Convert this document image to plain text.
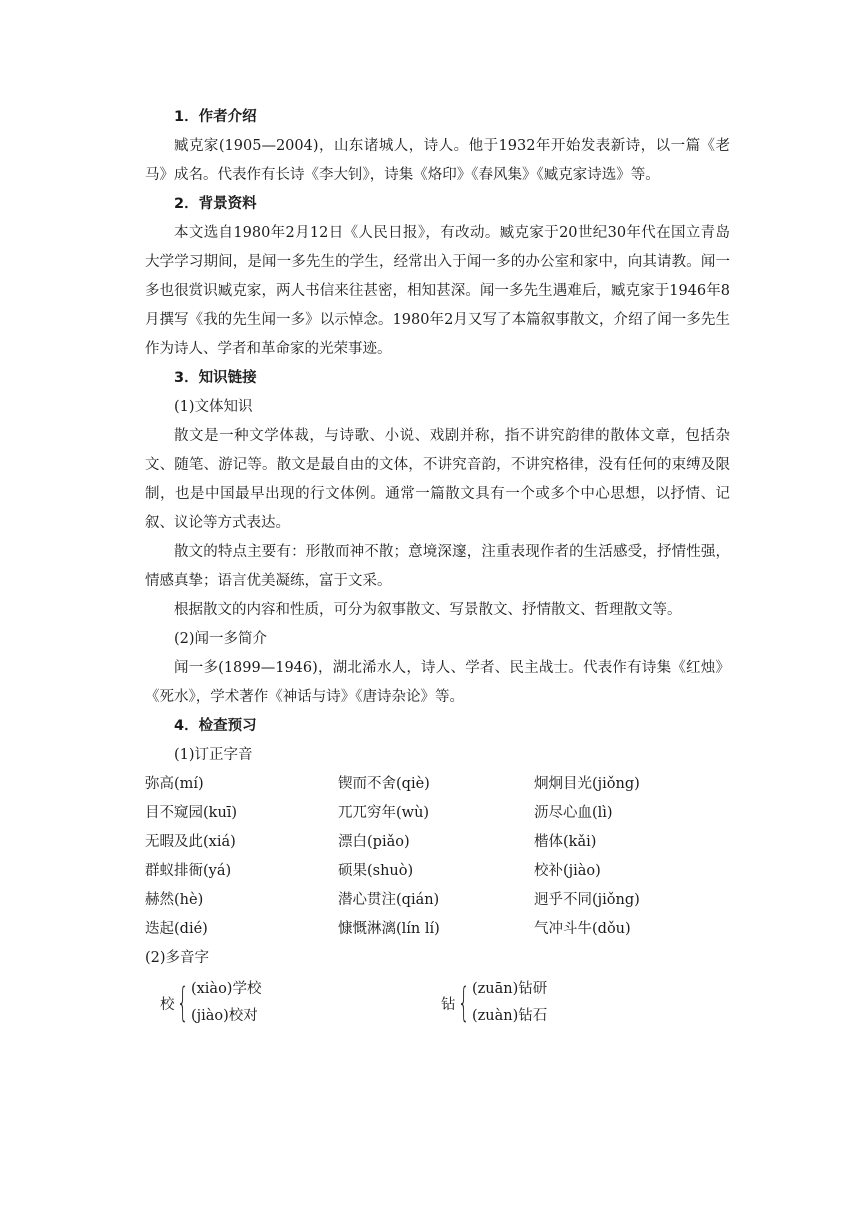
1．作者介绍

臧克家(1905—2004)，山东诸城人，诗人。他于1932年开始发表新诗，以一篇《老马》成名。代表作有长诗《李大钊》，诗集《烙印》《春风集》《臧克家诗选》等。

2．背景资料

本文选自1980年2月12日《人民日报》，有改动。臧克家于20世纪30年代在国立青岛大学学习期间，是闻一多先生的学生，经常出入于闻一多的办公室和家中，向其请教。闻一多也很赏识臧克家，两人书信来往甚密，相知甚深。闻一多先生遇难后，臧克家于1946年8月撰写《我的先生闻一多》以示悼念。1980年2月又写了本篇叙事散文，介绍了闻一多先生作为诗人、学者和革命家的光荣事迹。

3．知识链接

(1)文体知识

散文是一种文学体裁，与诗歌、小说、戏剧并称，指不讲究韵律的散体文章，包括杂文、随笔、游记等。散文是最自由的文体，不讲究音韵，不讲究格律，没有任何的束缚及限制，也是中国最早出现的行文体例。通常一篇散文具有一个或多个中心思想，以抒情、记叙、议论等方式表达。

散文的特点主要有：形散而神不散；意境深邃，注重表现作者的生活感受，抒情性强，情感真挚；语言优美凝练，富于文采。

根据散文的内容和性质，可分为叙事散文、写景散文、抒情散文、哲理散文等。

(2)闻一多简介

闻一多(1899—1946)，湖北浠水人，诗人、学者、民主战士。代表作有诗集《红烛》《死水》，学术著作《神话与诗》《唐诗杂论》等。

4．检查预习

(1)订正字音

弥高(mí)	锲而不舍(qiè)	炯炯目光(jiǒng)
目不窥园(kuī)	兀兀穷年(wù)	沥尽心血(lì)
无暇及此(xiá)	漂白(piǎo)	楷体(kǎi)
群蚁排衙(yá)	硕果(shuò)	校补(jiào)
赫然(hè)	潜心贯注(qián)	迥乎不同(jiǒng)
迭起(dié)	慷慨淋漓(lín lí)	气冲斗牛(dǒu)

(2)多音字

校 { (xiào)学校
(jiào)校对
钻 { (zuān)钻研
(zuàn)钻石
